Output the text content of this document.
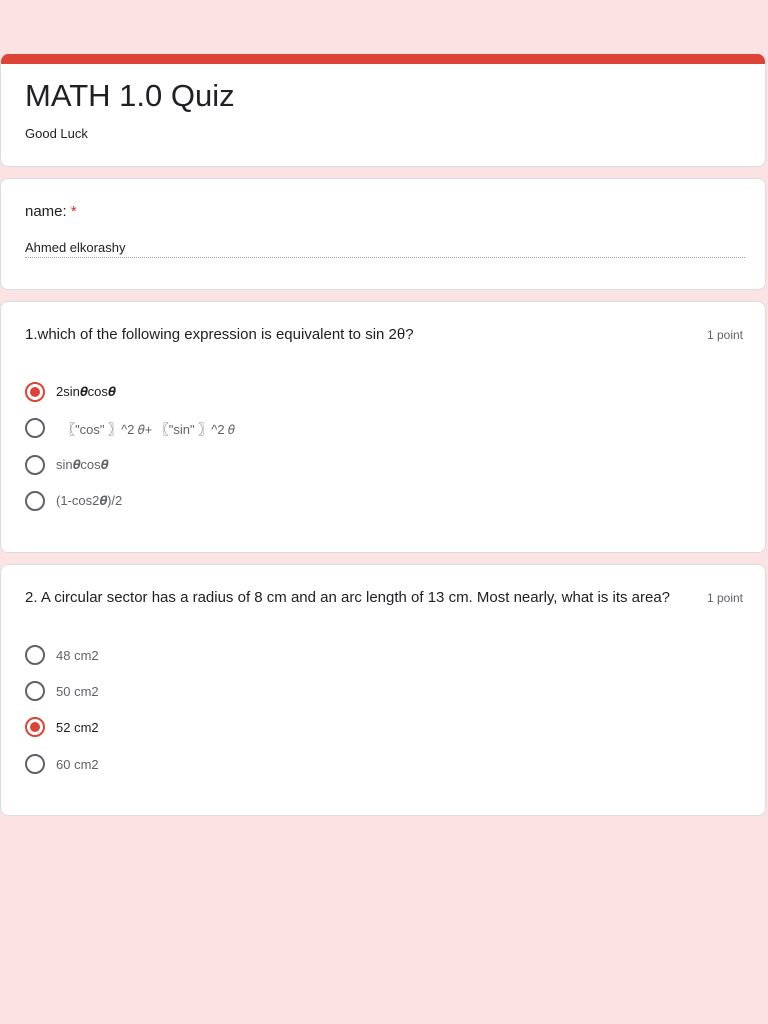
MATH 1.0 Quiz
Good Luck
name: *
Ahmed elkorashy
1.which of the following expression is equivalent to sin 2θ?	1 point
2sin𝜽cos𝜽
〖"cos" 〗^2 𝜃+ 〖"sin" 〗^2 𝜃
sin𝜽cos𝜽
(1-cos2𝜽)/2
2. A circular sector has a radius of 8 cm and an arc length of 13 cm. Most nearly, what is its area?	1 point
48 cm2
50 cm2
52 cm2
60 cm2
